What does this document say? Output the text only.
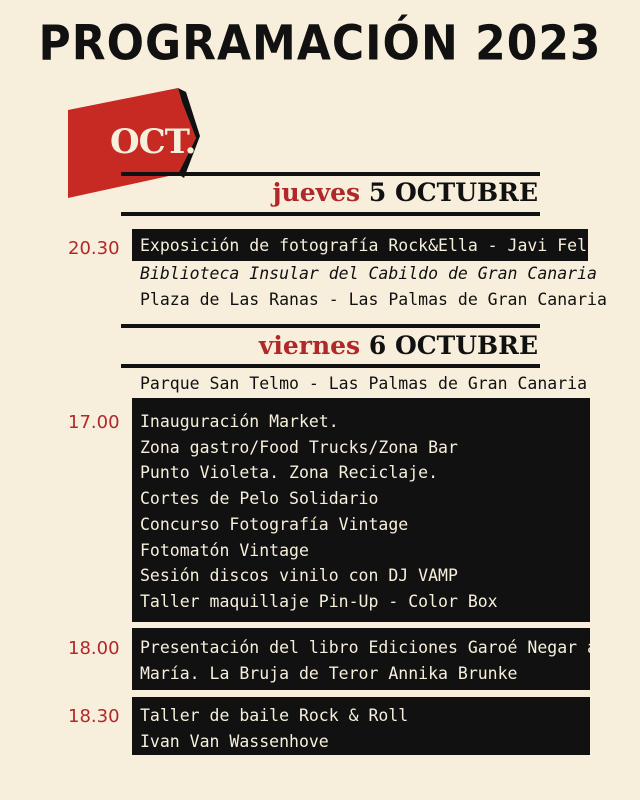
PROGRAMACIÓN 2023
OCT.
jueves 5 OCTUBRE
20.30 Exposición de fotografía Rock&Ella - Javi Felipe
Biblioteca Insular del Cabildo de Gran Canaria
Plaza de Las Ranas - Las Palmas de Gran Canaria
viernes 6 OCTUBRE
Parque San Telmo - Las Palmas de Gran Canaria
17.00 Inauguración Market.
Zona gastro/Food Trucks/Zona Bar
Punto Violeta. Zona Reciclaje.
Cortes de Pelo Solidario
Concurso Fotografía Vintage
Fotomatón Vintage
Sesión discos vinilo con DJ VAMP
Taller maquillaje Pin-Up - Color Box
18.00 Presentación del libro Ediciones Garoé Negar a
María. La Bruja de Teror Annika Brunke
18.30 Taller de baile Rock & Roll
Ivan Van Wassenhove
